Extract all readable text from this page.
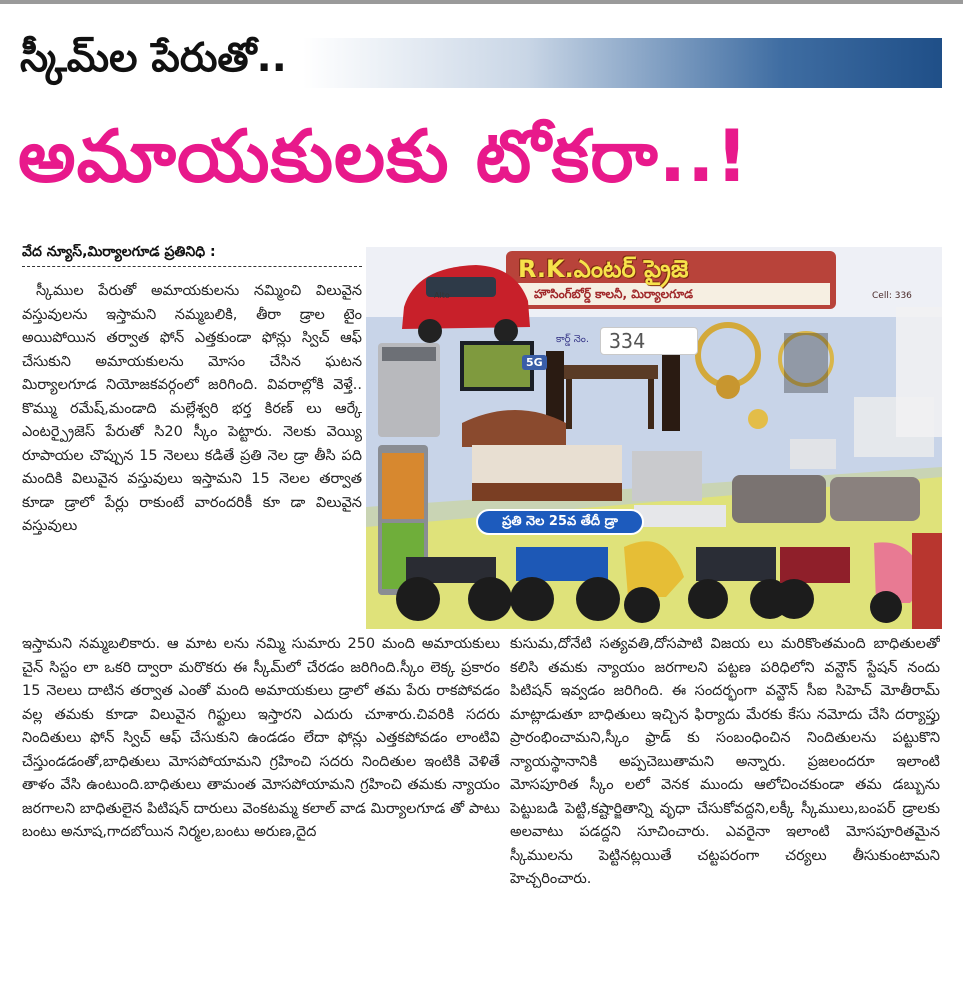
స్కీమ్‌ల పేరుతో..
అమాయకులకు టోకరా..!
వేద న్యూస్,మిర్యాలగూడ ప్రతినిధి :
స్కీముల పేరుతో అమాయకులను నమ్మించి విలువైన వస్తువులను ఇస్తామని నమ్మబలికి, తీరా డ్రాల టైం అయిపోయిన తర్వాత ఫోన్ ఎత్తకుండా ఫోన్లు స్విచ్ ఆఫ్ చేసుకుని అమాయకులను మోసం చేసిన ఘటన మిర్యాలగూడ నియోజకవర్గంలో జరిగింది. వివరాల్లోకి వెళ్తే.. కొమ్ము రమేష్,మండాది మల్లేశ్వరి భర్త కిరణ్ లు ఆర్కే ఎంటర్ప్రైజెస్ పేరుతో సి20 స్కీం పెట్టారు. నెలకు వెయ్యి రూపాయల చొప్పున 15 నెలలు కడితే ప్రతి నెల డ్రా తీసి పది మందికి విలువైన వస్తువులు ఇస్తామని 15 నెలల తర్వాత కూడా డ్రాలో పేర్లు రాకుంటే వారందరికీ కూ డా విలువైన వస్తువులు
R.K.ఎంటర్ ప్రైజె
హౌసింగ్‌బోర్డ్ కాలనీ, మిర్యాలగూడ	Cell: 336
Alto
కార్డ్ నెం. 334
5G
ప్రతి నెల 25వ తేదీ డ్రా
ఇస్తామని నమ్మబలికారు. ఆ మాట లను నమ్మి సుమారు 250 మంది అమాయకులు చైన్ సిస్టం లా ఒకరి ద్వారా మరొకరు ఈ స్కీమ్‌లో చేరడం జరిగింది.స్కీం లెక్క ప్రకారం 15 నెలలు దాటిన తర్వాత ఎంతో మంది అమాయకులు డ్రాలో తమ పేరు రాకపోవడం వల్ల తమకు కూడా విలువైన గిఫ్టులు ఇస్తారని ఎదురు చూశారు.చివరికి సదరు నిందితులు ఫోన్ స్విచ్ ఆఫ్ చేసుకుని ఉండడం లేదా ఫోన్లు ఎత్తకపోవడం లాంటివి చేస్తుండడంతో,బాధితులు మోసపోయామని గ్రహించి సదరు నిందితుల ఇంటికి వెళితే తాళం వేసి ఉంటుంది.బాధితులు తామంత మోసపోయామని గ్రహించి తమకు న్యాయం జరగాలని బాధితులైన పిటిషన్ దారులు వెంకటమ్మ కలాల్ వాడ మిర్యాలగూడ తో పాటు బంటు అనూష,గాదబోయిన నిర్మల,బంటు అరుణ,దైద
కుసుమ,దోనేటి సత్యవతి,దోసపాటి విజయ లు మరికొంతమంది బాధితులతో కలిసి తమకు న్యాయం జరగాలని పట్టణ పరిధిలోని వన్టౌన్ స్టేషన్ నందు పిటిషన్ ఇవ్వడం జరిగింది. ఈ సందర్భంగా వన్టౌన్ సీఐ సిహెచ్ మోతీరామ్ మాట్లాడుతూ బాధితులు ఇచ్చిన ఫిర్యాదు మేరకు కేసు నమోదు చేసి దర్యాప్తు ప్రారంభించామని,స్కీం ఫ్రాడ్ కు సంబంధించిన నిందితులను పట్టుకొని న్యాయస్థానానికి అప్పచెబుతామని అన్నారు. ప్రజలందరూ ఇలాంటి మోసపూరిత స్కీం లలో వెనక ముందు ఆలోచించకుండా తమ డబ్బును పెట్టుబడి పెట్టి,కష్టార్జితాన్ని వృధా చేసుకోవద్దని,లక్కీ స్కీములు,బంపర్ డ్రాలకు అలవాటు పడద్దని సూచించారు. ఎవరైనా ఇలాంటి మోసపూరితమైన స్కీములను పెట్టినట్లయితే చట్టపరంగా చర్యలు తీసుకుంటామని హెచ్చరించారు.
